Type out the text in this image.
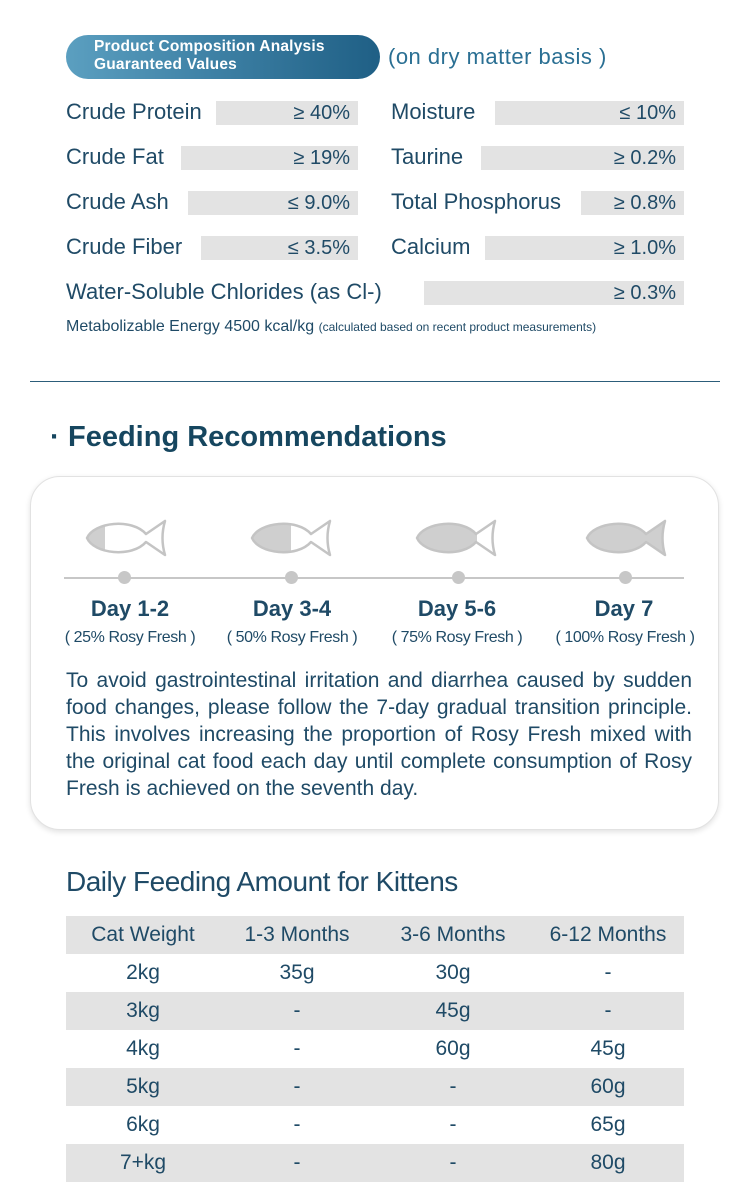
Product Composition Analysis
Guaranteed Values	(on dry matter basis )
Crude Protein	≥ 40%	Moisture	≤ 10%
Crude Fat	≥ 19%	Taurine	≥ 0.2%
Crude Ash	≤ 9.0%	Total Phosphorus	≥ 0.8%
Crude Fiber	≤ 3.5%	Calcium	≥ 1.0%
Water-Soluble Chlorides (as Cl-)	≥ 0.3%
Metabolizable Energy 4500 kcal/kg (calculated based on recent product measurements)
· Feeding Recommendations
Day 1-2
( 25% Rosy Fresh )
Day 3-4
( 50% Rosy Fresh )
Day 5-6
( 75% Rosy Fresh )
Day 7
( 100% Rosy Fresh )
To avoid gastrointestinal irritation and diarrhea caused by sudden food changes, please follow the 7-day gradual transition principle. This involves increasing the proportion of Rosy Fresh mixed with the original cat food each day until complete consumption of Rosy Fresh is achieved on the seventh day.
Daily Feeding Amount for Kittens
Cat Weight	1-3 Months	3-6 Months	6-12 Months
2kg	35g	30g	-
3kg	-	45g	-
4kg	-	60g	45g
5kg	-	-	60g
6kg	-	-	65g
7+kg	-	-	80g
